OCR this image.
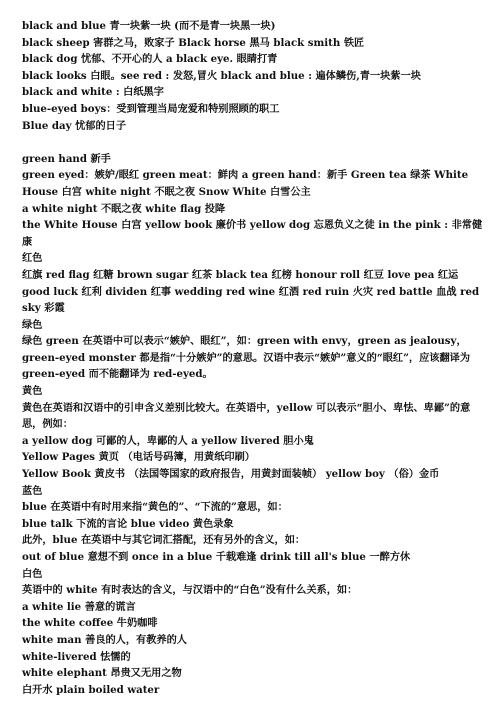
black and blue 青一块紫一块 (而不是青一块黑一块)
black sheep 害群之马，败家子 Black horse 黑马 black smith 铁匠
black dog 忧郁、不开心的人 a black eye. 眼睛打青
black looks 白眼。see red : 发怒,冒火 black and blue : 遍体鳞伤,青一块紫一块
black and white : 白纸黑字
blue-eyed boys：受到管理当局宠爱和特别照顾的职工
Blue day 忧郁的日子
green hand 新手
green eyed：嫉妒/眼红 green meat：鲜肉 a green hand：新手 Green tea 绿茶 White House 白宫 white night 不眠之夜 Snow White 白雪公主
a white night 不眠之夜 white flag 投降
the White House 白宫 yellow book 廉价书 yellow dog 忘恩负义之徒 in the pink : 非常健康
红色
红旗 red flag 红糖 brown sugar 红茶 black tea 红榜 honour roll 红豆 love pea 红运 good luck 红利 dividen 红事 wedding red wine 红酒 red ruin 火灾 red battle 血战 red sky 彩霞
绿色
绿色 green 在英语中可以表示“嫉妒、眼红”，如：green with envy，green as jealousy，green-eyed monster 都是指“十分嫉妒”的意思。汉语中表示“嫉妒”意义的“眼红”，应该翻译为 green-eyed 而不能翻译为 red-eyed。
黄色
黄色在英语和汉语中的引申含义差别比较大。在英语中，yellow 可以表示“胆小、卑怯、卑鄙”的意思，例如：
a yellow dog 可鄙的人，卑鄙的人 a yellow livered 胆小鬼
Yellow Pages 黄页 （电话号码簿，用黄纸印刷）
Yellow Book 黄皮书 （法国等国家的政府报告，用黄封面装帧） yellow boy （俗）金币
蓝色
blue 在英语中有时用来指“黄色的”、“下流的”意思，如：
blue talk 下流的言论 blue video 黄色录象
此外，blue 在英语中与其它词汇搭配，还有另外的含义，如：
out of blue 意想不到 once in a blue 千载难逢 drink till all's blue 一醉方休
白色
英语中的 white 有时表达的含义，与汉语中的“白色”没有什么关系，如：
a white lie 善意的谎言
the white coffee 牛奶咖啡
white man 善良的人，有教养的人
white-livered 怯懦的
white elephant 昂贵又无用之物
白开水 plain boiled water
